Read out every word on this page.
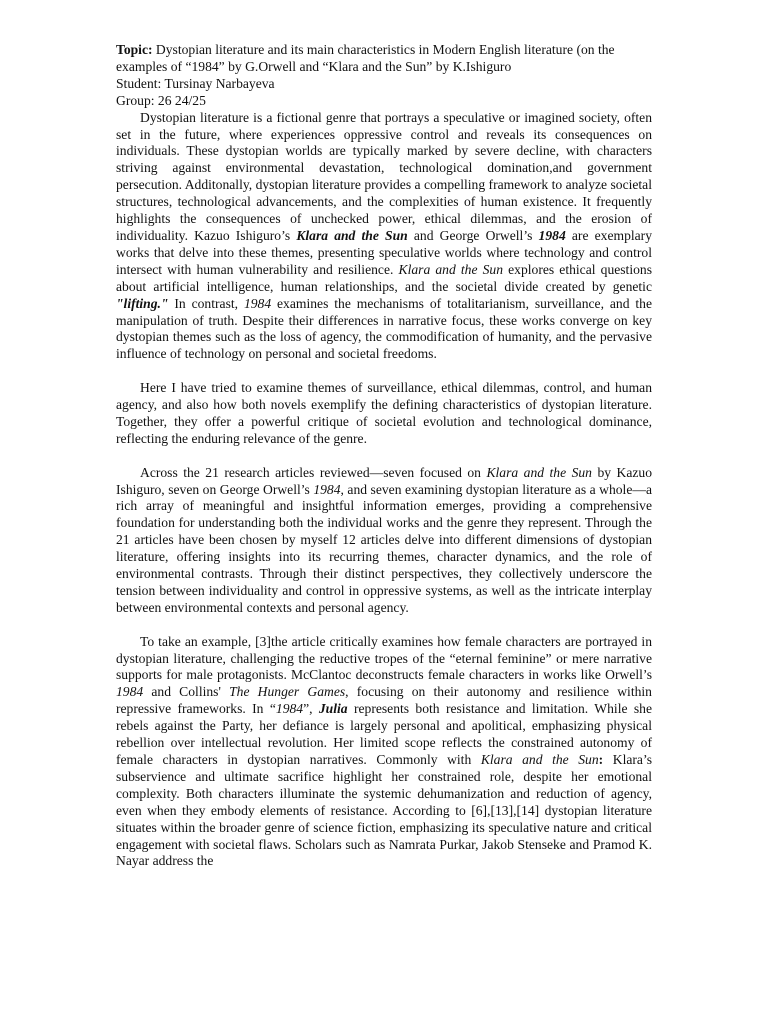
Topic: Dystopian literature and its main characteristics in Modern English literature (on the examples of “1984” by G.Orwell and “Klara and the Sun” by K.Ishiguro

Student: Tursinay Narbayeva

Group: 26 24/25

Dystopian literature is a fictional genre that portrays a speculative or imagined society, often set in the future, where experiences oppressive control and reveals its consequences on individuals. These dystopian worlds are typically marked by severe decline, with characters striving against environmental devastation, technological domination,and government persecution. Additonally, dystopian literature provides a compelling framework to analyze societal structures, technological advancements, and the complexities of human existence. It frequently highlights the consequences of unchecked power, ethical dilemmas, and the erosion of individuality. Kazuo Ishiguro’s Klara and the Sun and George Orwell’s 1984 are exemplary works that delve into these themes, presenting speculative worlds where technology and control intersect with human vulnerability and resilience. Klara and the Sun explores ethical questions about artificial intelligence, human relationships, and the societal divide created by genetic "lifting." In contrast, 1984 examines the mechanisms of totalitarianism, surveillance, and the manipulation of truth. Despite their differences in narrative focus, these works converge on key dystopian themes such as the loss of agency, the commodification of humanity, and the pervasive influence of technology on personal and societal freedoms.

Here I have tried to examine themes of surveillance, ethical dilemmas, control, and human agency, and also how both novels exemplify the defining characteristics of dystopian literature. Together, they offer a powerful critique of societal evolution and technological dominance, reflecting the enduring relevance of the genre.

Across the 21 research articles reviewed—seven focused on Klara and the Sun by Kazuo Ishiguro, seven on George Orwell’s 1984, and seven examining dystopian literature as a whole—a rich array of meaningful and insightful information emerges, providing a comprehensive foundation for understanding both the individual works and the genre they represent. Through the 21 articles have been chosen by myself 12 articles delve into different dimensions of dystopian literature, offering insights into its recurring themes, character dynamics, and the role of environmental contrasts. Through their distinct perspectives, they collectively underscore the tension between individuality and control in oppressive systems, as well as the intricate interplay between environmental contexts and personal agency.

To take an example, [3]the article critically examines how female characters are portrayed in dystopian literature, challenging the reductive tropes of the “eternal feminine” or mere narrative supports for male protagonists. McClantoc deconstructs female characters in works like Orwell’s 1984 and Collins' The Hunger Games, focusing on their autonomy and resilience within repressive frameworks. In “1984”, Julia represents both resistance and limitation. While she rebels against the Party, her defiance is largely personal and apolitical, emphasizing physical rebellion over intellectual revolution. Her limited scope reflects the constrained autonomy of female characters in dystopian narratives. Commonly with Klara and the Sun: Klara’s subservience and ultimate sacrifice highlight her constrained role, despite her emotional complexity. Both characters illuminate the systemic dehumanization and reduction of agency, even when they embody elements of resistance. According to [6],[13],[14] dystopian literature situates within the broader genre of science fiction, emphasizing its speculative nature and critical engagement with societal flaws. Scholars such as Namrata Purkar, Jakob Stenseke and Pramod K. Nayar address the
